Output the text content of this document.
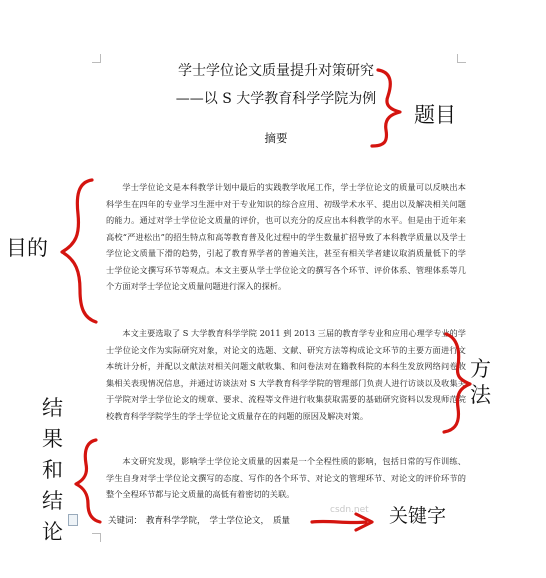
学士学位论文质量提升对策研究
——以 S 大学教育科学学院为例
摘要

学士学位论文是本科教学计划中最后的实践教学收尾工作，学士学位论文的质量可以反映出本科学生在四年的专业学习生涯中对于专业知识的综合应用、初级学术水平、提出以及解决相关问题的能力。通过对学士学位论文质量的评价，也可以充分的反应出本科教学的水平。但是由于近年来高校“严进松出”的招生特点和高等教育普及化过程中的学生数量扩招导致了本科教学质量以及学士学位论文质量下滑的趋势，引起了教育界学者的普遍关注，甚至有相关学者建议取消质量低下的学士学位论文撰写环节等观点。本文主要从学士学位论文的撰写各个环节、评价体系、管理体系等几个方面对学士学位论文质量问题进行深入的探析。

本文主要选取了 S 大学教育科学学院 2011 到 2013 三届的教育学专业和应用心理学专业的学士学位论文作为实际研究对象，对论文的选题、文献、研究方法等构成论文环节的主要方面进行文本统计分析，并配以文献法对相关问题文献收集、和问卷法对在籍教科院的本科生发放网络问卷收集相关表现情况信息，并通过访谈法对 S 大学教育科学学院的管理部门负责人进行访谈以及收集关于学院对学士学位论文的规章、要求、流程等文件进行收集获取需要的基础研究资料以发现师范院校教育科学学院学生的学士学位论文质量存在的问题的原因及解决对策。

本文研究发现，影响学士学位论文质量的因素是一个全程性质的影响，包括日常的写作训练、学生自身对学士学位论文撰写的态度、写作的各个环节、对论文的管理环节、对论文的评价环节的整个全程环节都与论文质量的高低有着密切的关联。

关键词： 教育科学学院， 学士学位论文， 质量
csdn.net
题目
目的
方法
结果和结论
关键字
